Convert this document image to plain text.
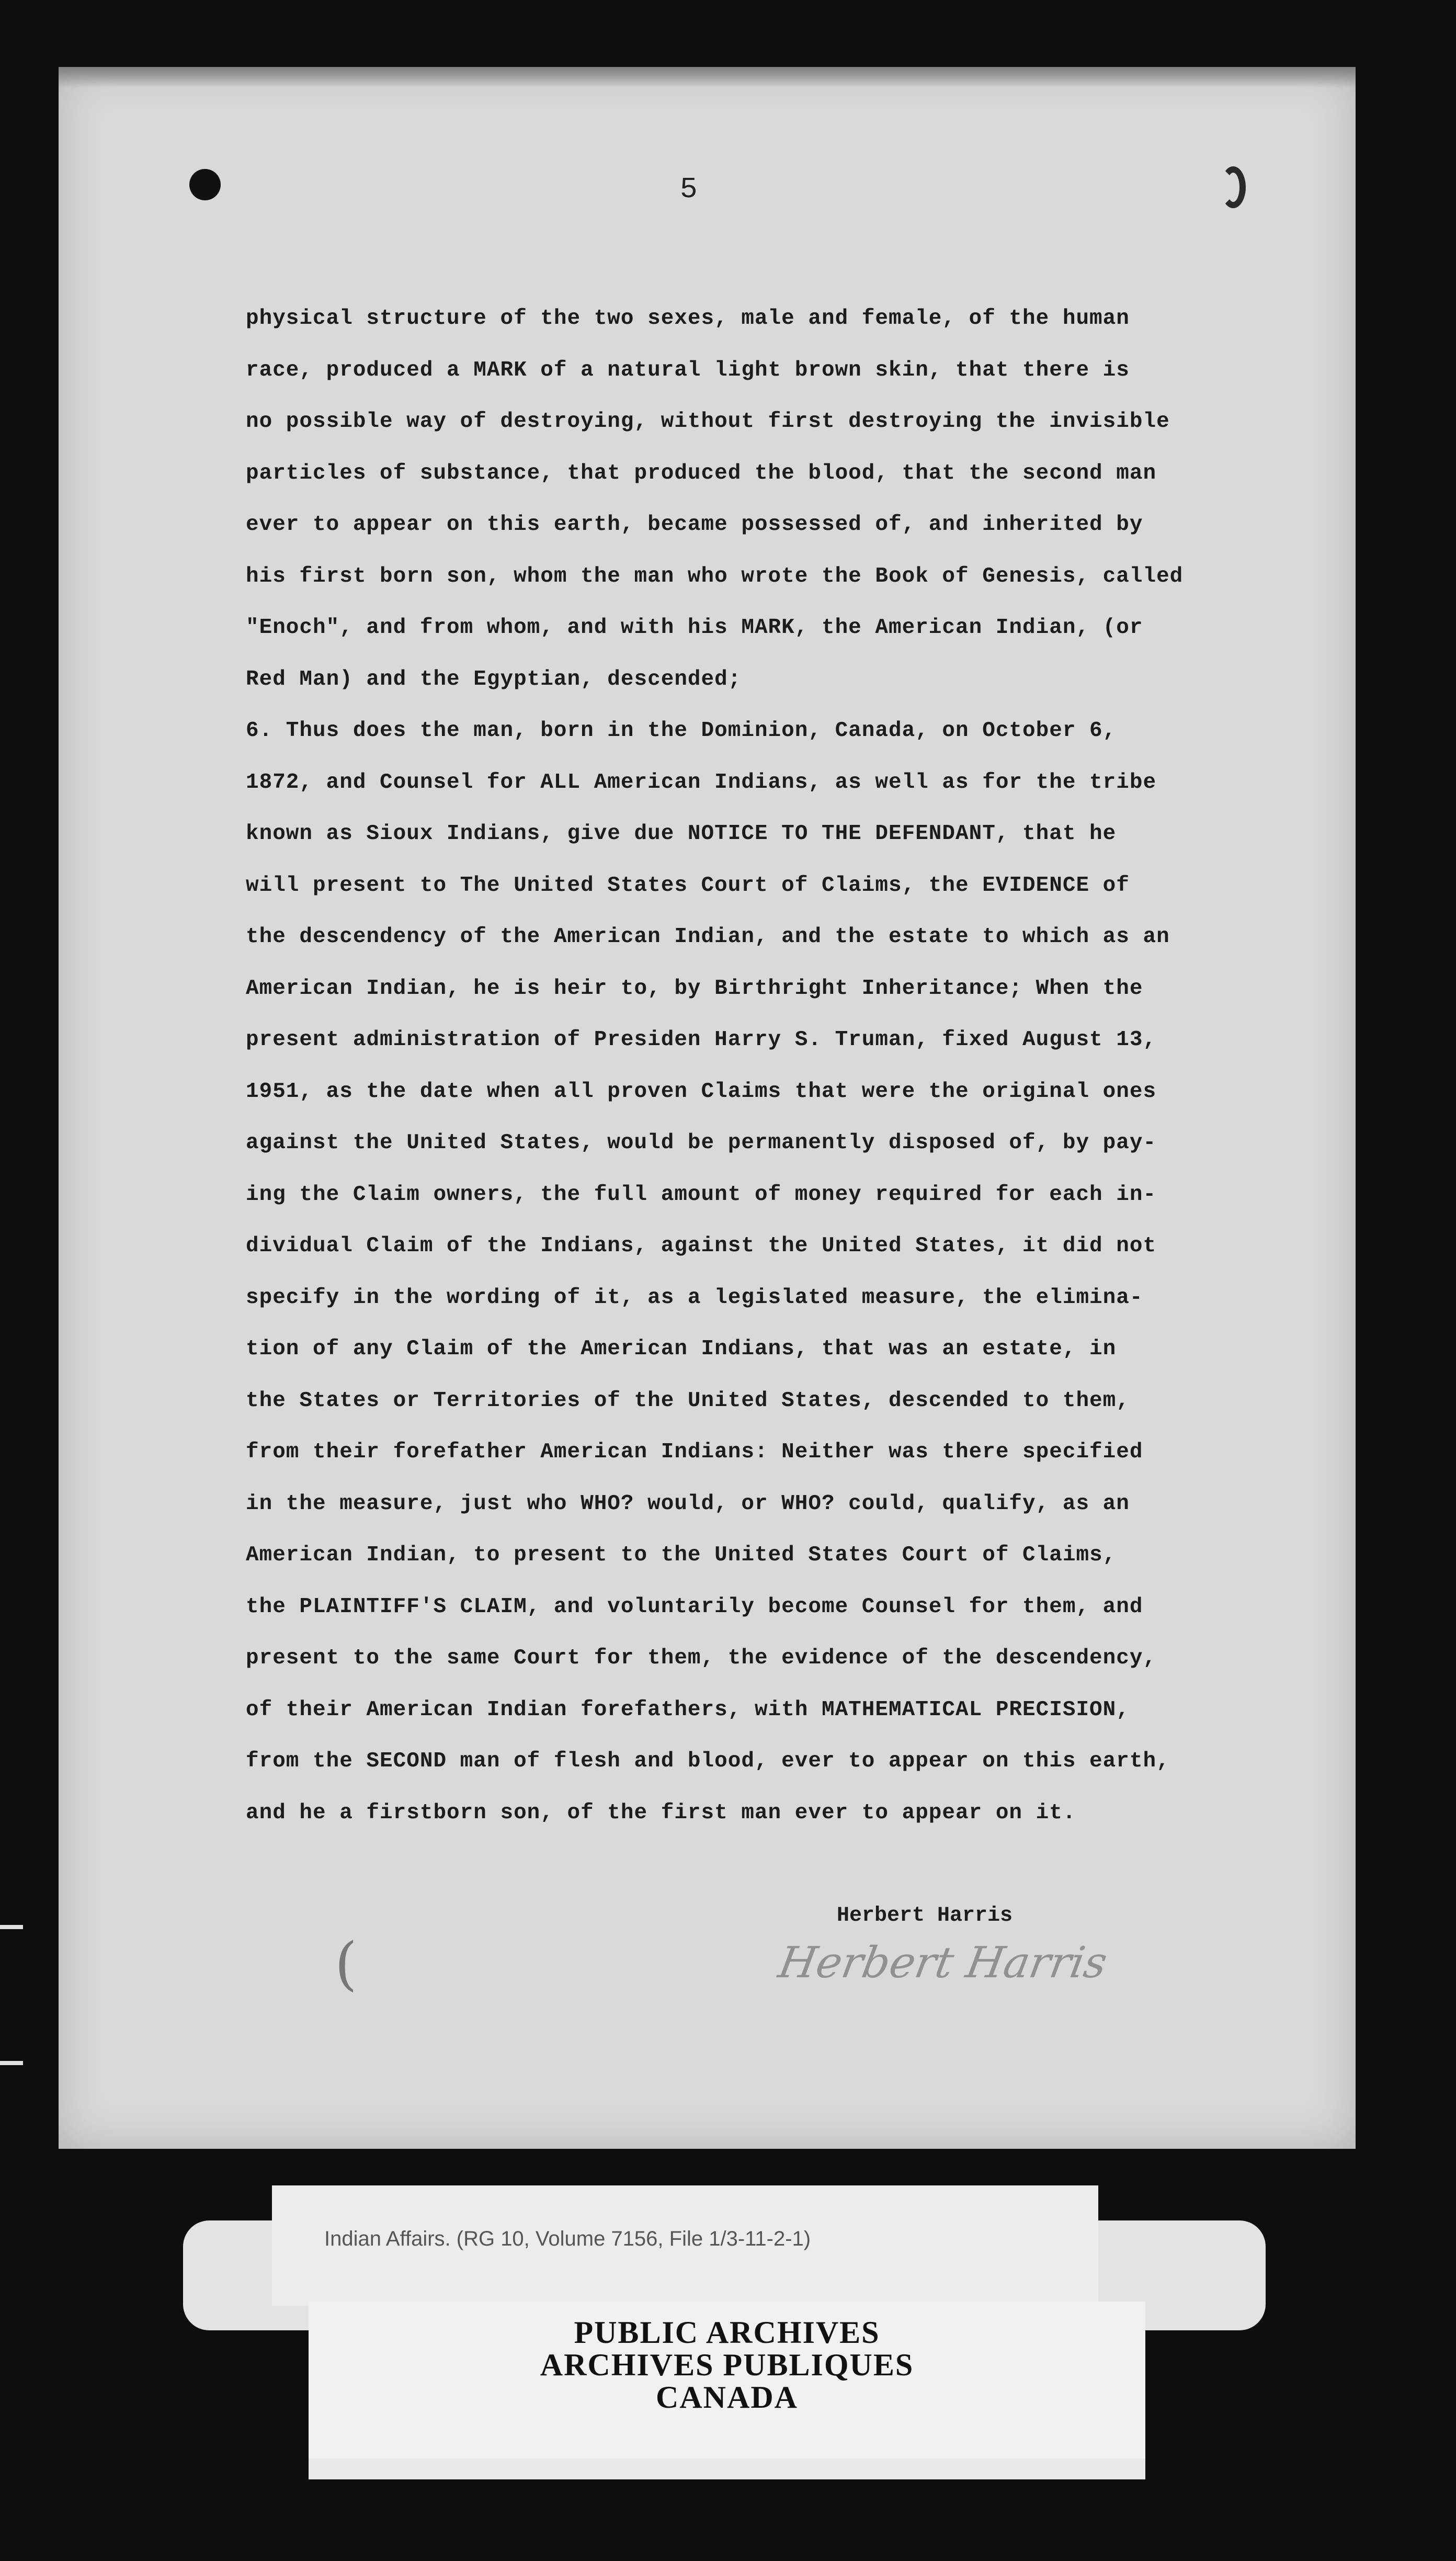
5
physical structure of the two sexes, male and female, of the human
race, produced a MARK of a natural light brown skin, that there is
no possible way of destroying, without first destroying the invisible
particles of substance, that produced the blood, that the second man
ever to appear on this earth, became possessed of, and inherited by
his first born son, whom the man who wrote the Book of Genesis, called
"Enoch", and from whom, and with his MARK, the American Indian, (or
Red Man) and the Egyptian, descended;
6. Thus does the man, born in the Dominion, Canada, on October 6,
1872, and Counsel for ALL American Indians, as well as for the tribe
known as Sioux Indians, give due NOTICE TO THE DEFENDANT, that he
will present to The United States Court of Claims, the EVIDENCE of
the descendency of the American Indian, and the estate to which as an
American Indian, he is heir to, by Birthright Inheritance; When the
present administration of Presiden Harry S. Truman, fixed August 13,
1951, as the date when all proven Claims that were the original ones
against the United States, would be permanently disposed of, by pay-
ing the Claim owners, the full amount of money required for each in-
dividual Claim of the Indians, against the United States, it did not
specify in the wording of it, as a legislated measure, the elimina-
tion of any Claim of the American Indians, that was an estate, in
the States or Territories of the United States, descended to them,
from their forefather American Indians: Neither was there specified
in the measure, just who WHO? would, or WHO? could, qualify, as an
American Indian, to present to the United States Court of Claims,
the PLAINTIFF'S CLAIM, and voluntarily become Counsel for them, and
present to the same Court for them, the evidence of the descendency,
of their American Indian forefathers, with MATHEMATICAL PRECISION,
from the SECOND man of flesh and blood, ever to appear on this earth,
and he a firstborn son, of the first man ever to appear on it.
(
Herbert Harris
Herbert Harris
Indian Affairs. (RG 10, Volume 7156, File 1/3-11-2-1)
PUBLIC ARCHIVES
ARCHIVES PUBLIQUES
CANADA
